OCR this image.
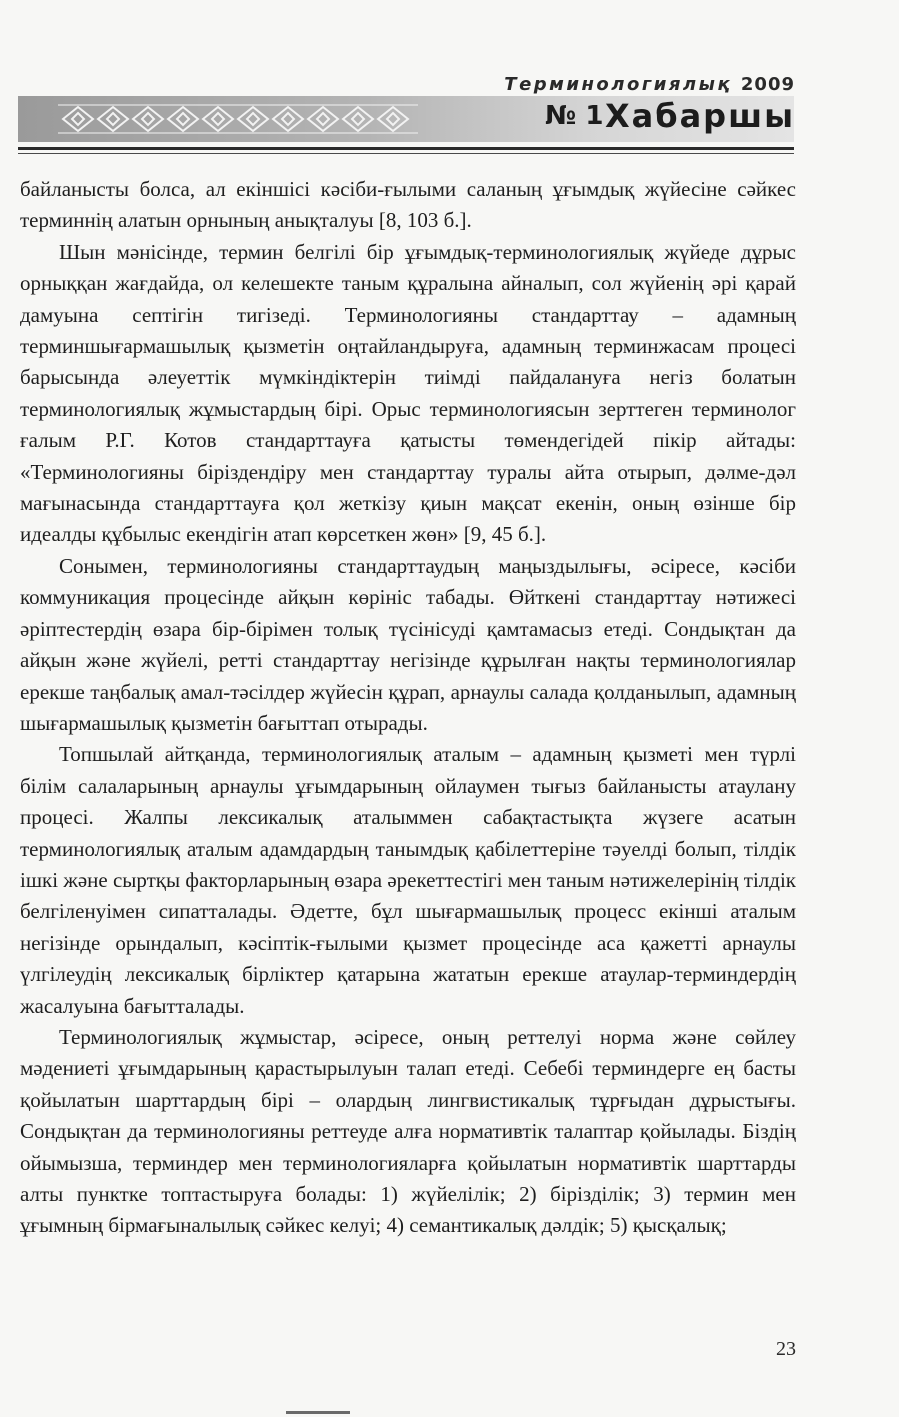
Терминологиялық 2009
№ 1 Хабаршы

байланысты болса, ал екіншісі кәсіби-ғылыми саланың ұғымдық жүйесіне сәйкес терминнің алатын орнының анықталуы [8, 103 б.].

Шын мәнісінде, термин белгілі бір ұғымдық-терминологиялық жүйеде дұрыс орныққан жағдайда, ол келешекте таным құралына айналып, сол жүйенің әрі қарай дамуына септігін тигізеді. Терминологияны стандарттау – адамның терминшығармашылық қызметін оңтайландыруға, адамның терминжасам процесі барысында әлеуеттік мүмкіндіктерін тиімді пайдалануға негіз болатын терминологиялық жұмыстардың бірі. Орыс терминологиясын зерттеген терминолог ғалым Р.Г. Котов стандарттауға қатысты төмендегідей пікір айтады: «Терминологияны біріздендіру мен стандарттау туралы айта отырып, дәлме-дәл мағынасында стандарттауға қол жеткізу қиын мақсат екенін, оның өзінше бір идеалды құбылыс екендігін атап көрсеткен жөн» [9, 45 б.].

Сонымен, терминологияны стандарттаудың маңыздылығы, әсіресе, кәсіби коммуникация процесінде айқын көрініс табады. Өйткені стандарттау нәтижесі әріптестердің өзара бір-бірімен толық түсінісуді қамтамасыз етеді. Сондықтан да айқын және жүйелі, ретті стандарттау негізінде құрылған нақты терминологиялар ерекше таңбалық амал-тәсілдер жүйесін құрап, арнаулы салада қолданылып, адамның шығармашылық қызметін бағыттап отырады.

Топшылай айтқанда, терминологиялық аталым – адамның қызметі мен түрлі білім салаларының арнаулы ұғымдарының ойлаумен тығыз байланысты атаулану процесі. Жалпы лексикалық аталыммен сабақтастықта жүзеге асатын терминологиялық аталым адамдардың танымдық қабілеттеріне тәуелді болып, тілдік ішкі және сыртқы факторларының өзара әрекеттестігі мен таным нәтижелерінің тілдік белгіленуімен сипатталады. Әдетте, бұл шығармашылық процесс екінші аталым негізінде орындалып, кәсіптік-ғылыми қызмет процесінде аса қажетті арнаулы үлгілеудің лексикалық бірліктер қатарына жататын ерекше атаулар-терминдердің жасалуына бағытталады.

Терминологиялық жұмыстар, әсіресе, оның реттелуі норма және сөйлеу мәдениеті ұғымдарының қарастырылуын талап етеді. Себебі терминдерге ең басты қойылатын шарттардың бірі – олардың лингвистикалық тұрғыдан дұрыстығы. Сондықтан да терминологияны реттеуде алға нормативтік талаптар қойылады. Біздің ойымызша, терминдер мен терминологияларға қойылатын нормативтік шарттарды алты пунктке топтастыруға болады: 1) жүйелілік; 2) біріздiлік; 3) термин мен ұғымның бірмағыналылық сәйкес келуі; 4) семантикалық дәлдік; 5) қысқалық;

23
